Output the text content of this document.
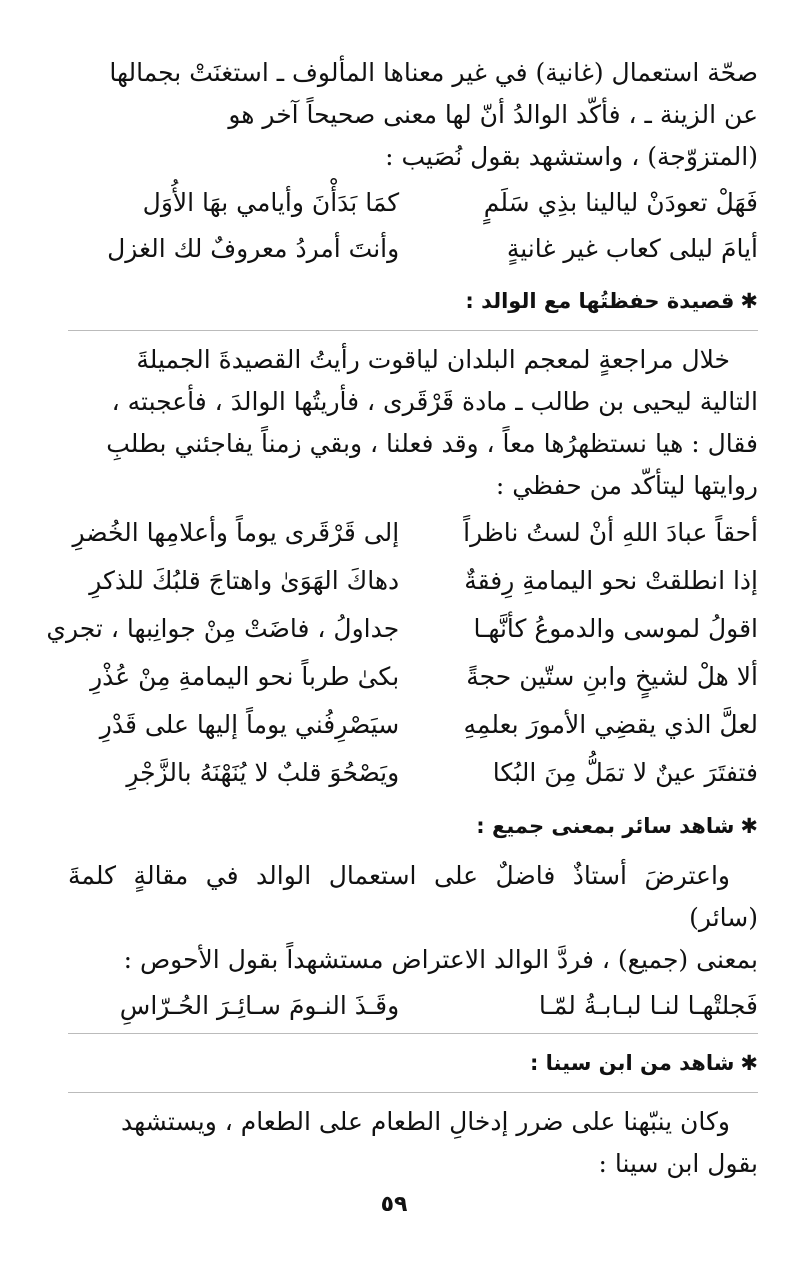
صحّة استعمال (غانية) في غير معناها المألوف ـ استغنَتْ بجمالها

عن الزينة ـ ، فأكّد الوالدُ أنّ لها معنى صحيحاً آخر هو

(المتزوّجة) ، واستشهد بقول نُصَيب :

فَهَلْ تعودَنْ ليالينا بذِي سَلَمٍ
كمَا بَدَأْنَ وأيامي بهَا الأُوَل
أيامَ ليلى كعاب غير غانيةٍ
وأنتَ أمردُ معروفٌ لك الغزل
✱قصيدة حفظتُها مع الوالد :

خلال مراجعةٍ لمعجم البلدان لياقوت رأيتُ القصيدةَ الجميلةَ

التالية ليحيى بن طالب ـ مادة قَرْقَرى ، فأريتُها الوالدَ ، فأعجبته ،

فقال : هيا نستظهرُها معاً ، وقد فعلنا ، وبقي زمناً يفاجئني بطلبِ

روايتها ليتأكّد من حفظي :

أحقاً عبادَ اللهِ أنْ لستُ ناظراً
إلى قَرْقَرى يوماً وأعلامِها الخُضرِ
إذا انطلقتْ نحو اليمامةِ رِفقةٌ
دهاكَ الهَوَىٰ واهتاجَ قلبُكَ للذكرِ
اقولُ لموسى والدموعُ كأنَّهـا
جداولُ ، فاضَتْ مِنْ جوانِبها ، تجري
ألا هلْ لشيخٍ وابنِ ستّين حجةً
بكىٰ طرباً نحو اليمامةِ مِنْ عُذْرِ
لعلَّ الذي يقضِي الأمورَ بعلمِهِ
سيَصْرِفُني يوماً إليها على قَدْرِ
فتفتَرَ عينٌ لا تمَلُّ مِنَ البُكا
ويَصْحُوَ قلبٌ لا يُنَهْنَهُ بالزَّجْرِ
✱شاهد سائر بمعنى جميع :

واعترضَ أستاذٌ فاضلٌ على استعمال الوالد في مقالةٍ كلمةَ (سائر)

بمعنى (جميع) ، فردَّ الوالد الاعتراض مستشهداً بقول الأحوص :

فَجلتْهـا لنـا لبـابـةُ لمّـا
وقَـذَ النـومَ سـائِـرَ الحُـرّاسِ
✱شاهد من ابن سينا :

وكان ينبّهنا على ضرر إدخالِ الطعام على الطعام ، ويستشهد

بقول ابن سينا :

٥٩
